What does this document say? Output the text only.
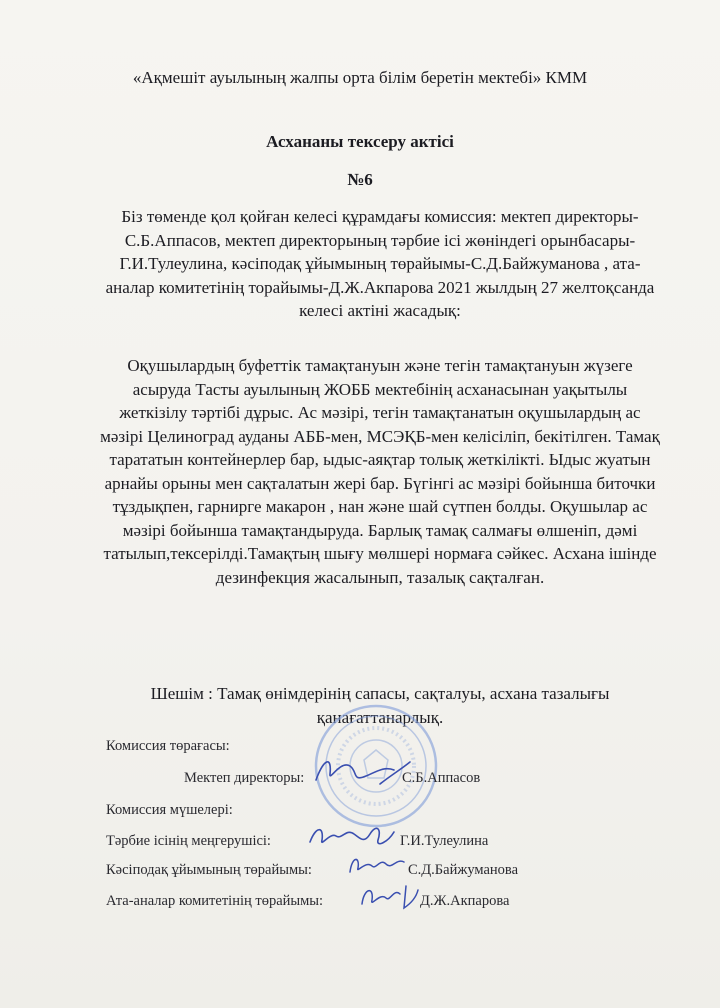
«Ақмешіт ауылының жалпы орта білім беретін мектебі» КММ
Асхананы тексеру актісі
№6
Біз төменде қол қойған келесі құрамдағы комиссия: мектеп директоры-С.Б.Аппасов, мектеп директорының тәрбие ісі жөніндегі орынбасары-Г.И.Тулеулина, кәсіподақ ұйымының төрайымы-С.Д.Байжуманова , ата-аналар комитетінің торайымы-Д.Ж.Акпарова 2021 жылдың 27 желтоқсанда келесі актіні жасадық:
Оқушылардың буфеттік тамақтануын және тегін тамақтануын жүзеге асыруда Тасты ауылының ЖОББ мектебінің асханасынан уақытылы жеткізілу тәртібі дұрыс. Ас мәзірі, тегін тамақтанатын оқушылардың ас мәзірі Целиноград ауданы АББ-мен, МСЭҚБ-мен келісіліп, бекітілген. Тамақ тарататын контейнерлер бар, ыдыс-аяқтар толық жеткілікті. Ыдыс жуатын арнайы орыны мен сақталатын жері бар. Бүгінгі ас мәзірі бойынша биточки тұздықпен, гарнирге макарон , нан және шай сүтпен болды. Оқушылар ас мәзірі бойынша тамақтандыруда. Барлық тамақ салмағы өлшеніп, дәмі татылып,тексерілді.Тамақтың шығу мөлшері нормаға сәйкес. Асхана ішінде дезинфекция жасалынып, тазалық сақталған.
Шешім : Тамақ өнімдерінің сапасы, сақталуы, асхана тазалығы қанағаттанарлық.
Комиссия төрағасы:
Мектеп директоры:	С.Б.Аппасов
Комиссия мүшелері:
Тәрбие ісінің меңгерушісі:	Г.И.Тулеулина
Кәсіподақ ұйымының төрайымы:	С.Д.Байжуманова
Ата-аналар комитетінің төрайымы:	Д.Ж.Акпарова
